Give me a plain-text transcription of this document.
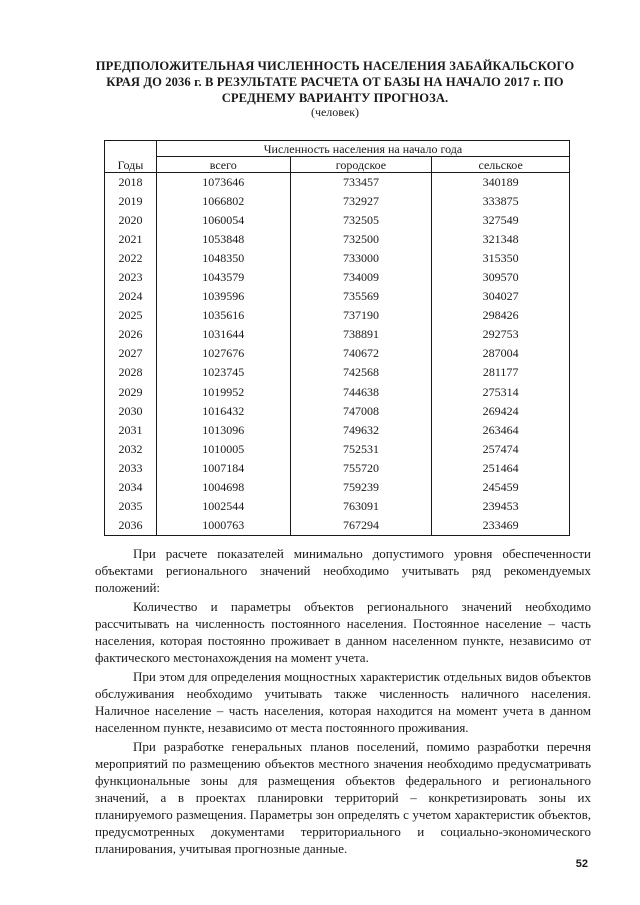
ПРЕДПОЛОЖИТЕЛЬНАЯ ЧИСЛЕННОСТЬ НАСЕЛЕНИЯ ЗАБАЙКАЛЬСКОГО КРАЯ ДО 2036 г. В РЕЗУЛЬТАТЕ РАСЧЕТА ОТ БАЗЫ НА НАЧАЛО 2017 г. ПО СРЕДНЕМУ ВАРИАНТУ ПРОГНОЗА.
(человек)
Годы	Численность населения на начало года		
	всего	городское	сельское
2018	1073646	733457	340189
2019	1066802	732927	333875
2020	1060054	732505	327549
2021	1053848	732500	321348
2022	1048350	733000	315350
2023	1043579	734009	309570
2024	1039596	735569	304027
2025	1035616	737190	298426
2026	1031644	738891	292753
2027	1027676	740672	287004
2028	1023745	742568	281177
2029	1019952	744638	275314
2030	1016432	747008	269424
2031	1013096	749632	263464
2032	1010005	752531	257474
2033	1007184	755720	251464
2034	1004698	759239	245459
2035	1002544	763091	239453
2036	1000763	767294	233469

При расчете показателей минимально допустимого уровня обеспеченности объектами регионального значений необходимо учитывать ряд рекомендуемых положений:

Количество и параметры объектов регионального значений необходимо рассчитывать на численность постоянного населения. Постоянное население – часть населения, которая постоянно проживает в данном населенном пункте, независимо от фактического местонахождения на момент учета.

При этом для определения мощностных характеристик отдельных видов объектов обслуживания необходимо учитывать также численность наличного населения. Наличное население – часть населения, которая находится на момент учета в данном населенном пункте, независимо от места постоянного проживания.

При разработке генеральных планов поселений, помимо разработки перечня мероприятий по размещению объектов местного значения необходимо предусматривать функциональные зоны для размещения объектов федерального и регионального значений, а в проектах планировки территорий – конкретизировать зоны их планируемого размещения. Параметры зон определять с учетом характеристик объектов, предусмотренных документами территориального и социально-экономического планирования, учитывая прогнозные данные.

52
